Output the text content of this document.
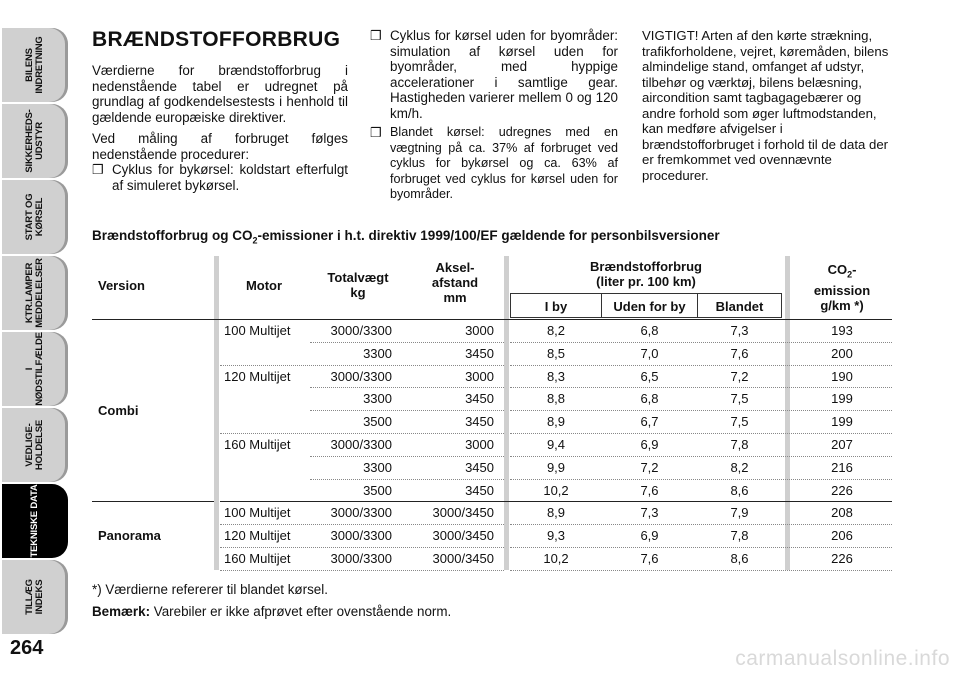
BILENS
INDRETNING
SIKKERHEDS-
UDSTYR
START OG
KØRSEL
KTR.LAMPER
MEDDELELSER
I
NØDSTILFÆLDE
VEDLIGE-
HOLDELSE
TEKNISKE DATA
TILLÆG
INDEKS
264
BRÆNDSTOFFORBRUG

Værdierne for brændstofforbrug i nedenstående tabel er udregnet på grundlag af godkendelsestests i henhold til gældende europæiske direktiver.

Ved måling af forbruget følges nedenstående procedurer:

❒ Cyklus for bykørsel: koldstart efterfulgt af simuleret bykørsel.
❒ Cyklus for kørsel uden for byområder: simulation af kørsel uden for byområder, med hyppige accelerationer i samtlige gear. Hastigheden varierer mellem 0 og 120 km/h.
❒ Blandet kørsel: udregnes med en vægtning på ca. 37% af forbruget ved cyklus for bykørsel og ca. 63% af forbruget ved cyklus for kørsel uden for byområder.
VIGTIGT! Arten af den kørte strækning, trafikforholdene, vejret, køremåden, bilens almindelige stand, omfanget af udstyr, tilbehør og værktøj, bilens belæsning, aircondition samt tagbagagebærer og andre forhold som øger luftmodstanden, kan medføre afvigelser i brændstofforbruget i forhold til de data der er fremkommet ved ovennævnte procedurer.
Brændstofforbrug og $CO_2$-emissioner i h.t. direktiv 1999/100/EF gældende for personbilsversioner
Version	Motor
Totalvægt
kg
Aksel-
afstand
mm
Brændstofforbrug
(liter pr. 100 km)
I by	Uden for by	Blandet
$CO_2-$
emission
g/km *)
Combi
Panorama
100 Multijet	3000/3300	3000	8,2	6,8	7,3	193
3300	3450	8,5	7,0	7,6	200
120 Multijet	3000/3300	3000	8,3	6,5	7,2	190
3300	3450	8,8	6,8	7,5	199
3500	3450	8,9	6,7	7,5	199
160 Multijet	3000/3300	3000	9,4	6,9	7,8	207
3300	3450	9,9	7,2	8,2	216
3500	3450	10,2	7,6	8,6	226
100 Multijet	3000/3300	3000/3450	8,9	7,3	7,9	208
120 Multijet	3000/3300	3000/3450	9,3	6,9	7,8	206
160 Multijet	3000/3300	3000/3450	10,2	7,6	8,6	226
*) Værdierne refererer til blandet kørsel.
Bemærk: Varebiler er ikke afprøvet efter ovenstående norm.
carmanualsonline.info
